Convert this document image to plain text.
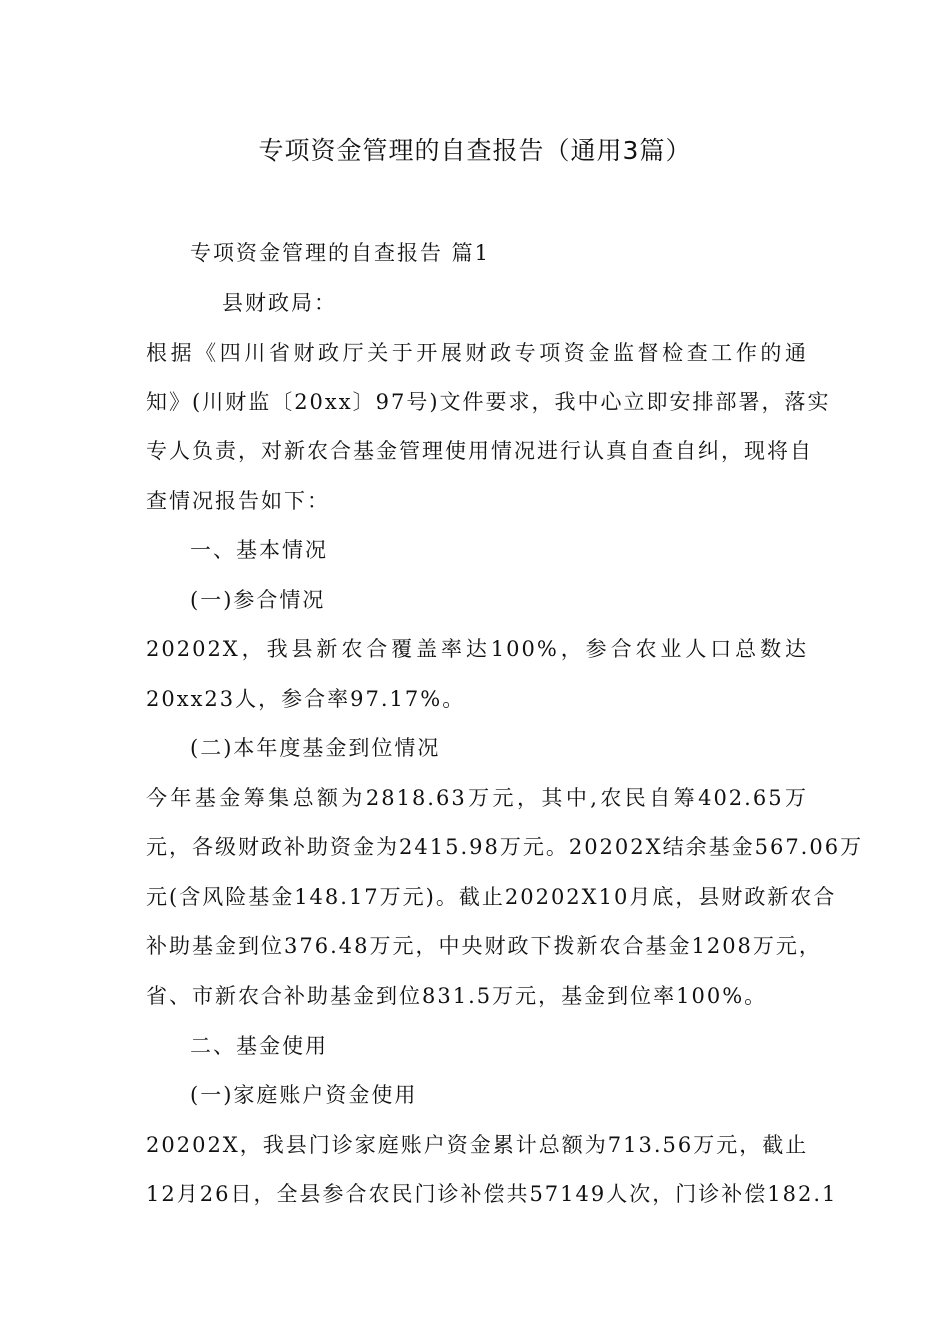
专项资金管理的自查报告（通用3篇）
专项资金管理的自查报告 篇1
县财政局：
根据《四川省财政厅关于开展财政专项资金监督检查工作的通
知》(川财监〔20xx〕97号)文件要求，我中心立即安排部署，落实
专人负责，对新农合基金管理使用情况进行认真自查自纠，现将自
查情况报告如下：
一、基本情况
(一)参合情况
20202X，我县新农合覆盖率达100%，参合农业人口总数达
20xx23人，参合率97.17%。
(二)本年度基金到位情况
今年基金筹集总额为2818.63万元，其中,农民自筹402.65万
元，各级财政补助资金为2415.98万元。20202X结余基金567.06万
元(含风险基金148.17万元)。截止20202X10月底，县财政新农合
补助基金到位376.48万元，中央财政下拨新农合基金1208万元，
省、市新农合补助基金到位831.5万元，基金到位率100%。
二、基金使用
(一)家庭账户资金使用
20202X，我县门诊家庭账户资金累计总额为713.56万元，截止
12月26日，全县参合农民门诊补偿共57149人次，门诊补偿182.1
